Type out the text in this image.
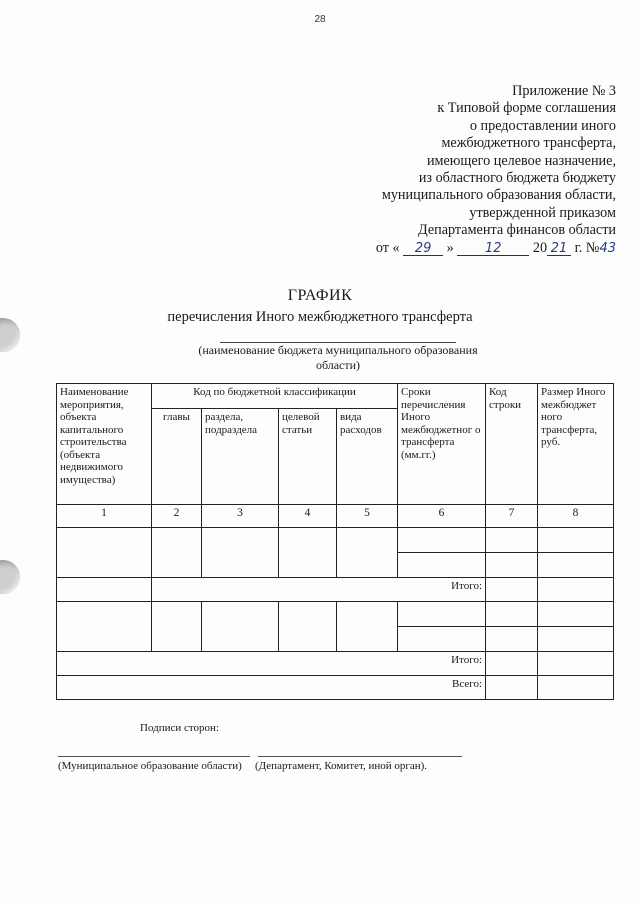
28
Приложение № 3
к Типовой форме соглашения
о предоставлении иного
межбюджетного трансферта,
имеющего целевое назначение,
из областного бюджета бюджету
муниципального образования области,
утвержденной приказом
Департамента финансов области
от « 29 » 12 20 21 г. №43
ГРАФИК
перечисления Иного межбюджетного трансферта
(наименование бюджета муниципального образования области)
Наименование мероприятия, объекта капитального строительства (объекта недвижимого имущества)	Код по бюджетной классификации				Сроки перечисления Иного межбюджетног о трансферта (мм.гг.)	Код строки	Размер Иного межбюджет ного трансферта, руб.
	главы	раздела, подраздела	целевой статьи	вида расходов			
1	2	3	4	5	6	7	8

	Итого:						

Итого:							
Всего:							
Подписи сторон:
(Муниципальное образование области) (Департамент, Комитет, иной орган).
